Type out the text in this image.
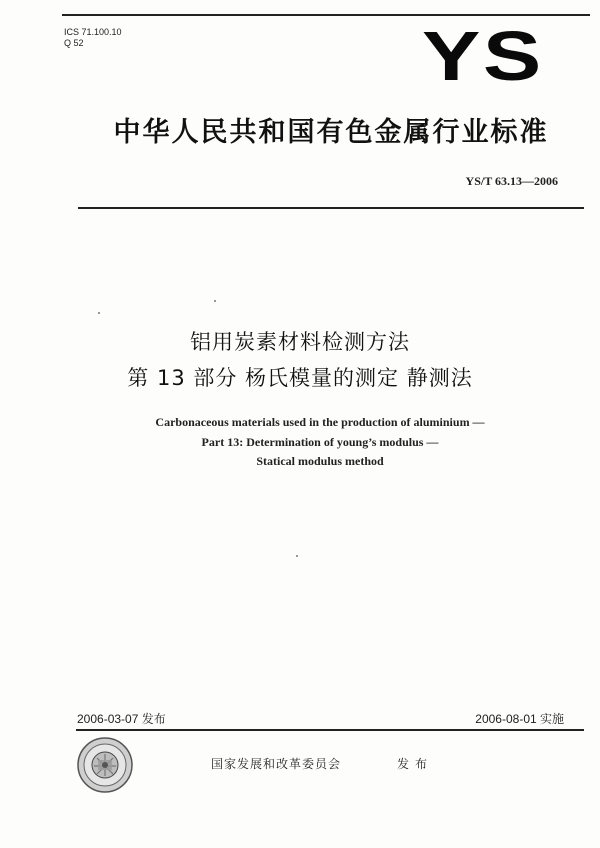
ICS 71.100.10
Q 52	YS
中华人民共和国有色金属行业标准
YS/T 63.13—2006
铝用炭素材料检测方法
第 13 部分 杨氏模量的测定 静测法
Carbonaceous materials used in the production of aluminium —
Part 13: Determination of young’s modulus —
Statical modulus method
2006-03-07 发布	2006-08-01 实施
国家发展和改革委员会	发布
